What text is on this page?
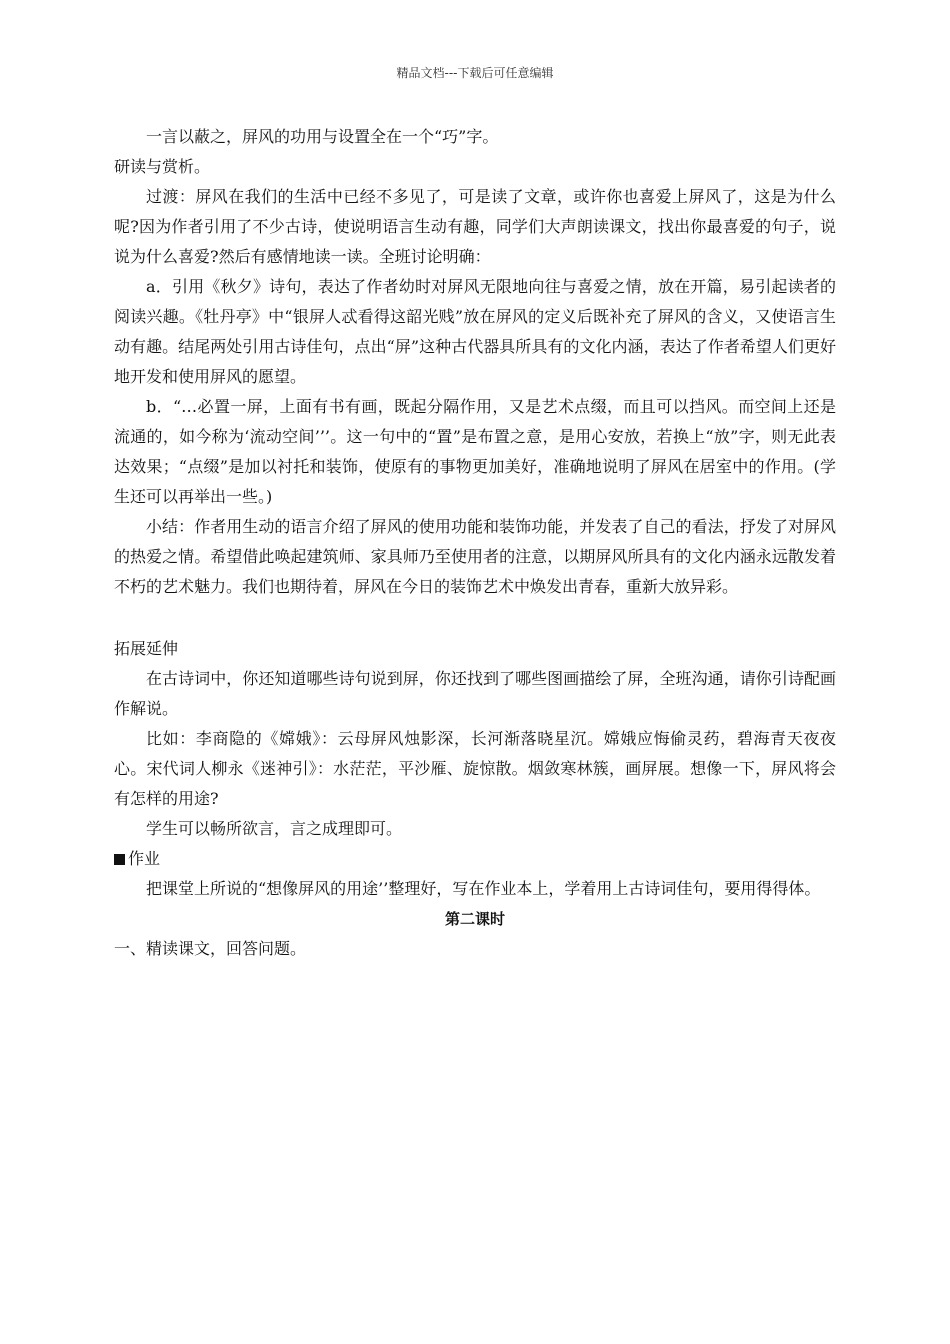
精品文档---下载后可任意编辑

一言以蔽之，屏风的功用与设置全在一个“巧”字。

研读与赏析。

过渡：屏风在我们的生活中已经不多见了，可是读了文章，或许你也喜爱上屏风了，这是为什么呢?因为作者引用了不少古诗，使说明语言生动有趣，同学们大声朗读课文，找出你最喜爱的句子，说说为什么喜爱?然后有感情地读一读。全班讨论明确：

a．引用《秋夕》诗句，表达了作者幼时对屏风无限地向往与喜爱之情，放在开篇，易引起读者的阅读兴趣。《牡丹亭》中“银屏人忒看得这韶光贱”放在屏风的定义后既补充了屏风的含义，又使语言生动有趣。结尾两处引用古诗佳句，点出“屏”这种古代器具所具有的文化内涵，表达了作者希望人们更好地开发和使用屏风的愿望。

b．“…必置一屏，上面有书有画，既起分隔作用，又是艺术点缀，而且可以挡风。而空间上还是流通的，如今称为‘流动空间’’’。这一句中的“置”是布置之意，是用心安放，若换上“放”字，则无此表达效果；“点缀”是加以衬托和装饰，使原有的事物更加美好，准确地说明了屏风在居室中的作用。(学生还可以再举出一些。)

小结：作者用生动的语言介绍了屏风的使用功能和装饰功能，并发表了自己的看法，抒发了对屏风的热爱之情。希望借此唤起建筑师、家具师乃至使用者的注意，以期屏风所具有的文化内涵永远散发着不朽的艺术魅力。我们也期待着，屏风在今日的装饰艺术中焕发出青春，重新大放异彩。

拓展延伸

在古诗词中，你还知道哪些诗句说到屏，你还找到了哪些图画描绘了屏，全班沟通，请你引诗配画作解说。

比如：李商隐的《嫦娥》：云母屏风烛影深，长河渐落晓星沉。嫦娥应悔偷灵药，碧海青天夜夜心。宋代词人柳永《迷神引》：水茫茫，平沙雁、旋惊散。烟敛寒林簇，画屏展。想像一下，屏风将会有怎样的用途?

学生可以畅所欲言，言之成理即可。

作业

把课堂上所说的“想像屏风的用途’’整理好，写在作业本上，学着用上古诗词佳句，要用得得体。

第二课时

一、精读课文，回答问题。
